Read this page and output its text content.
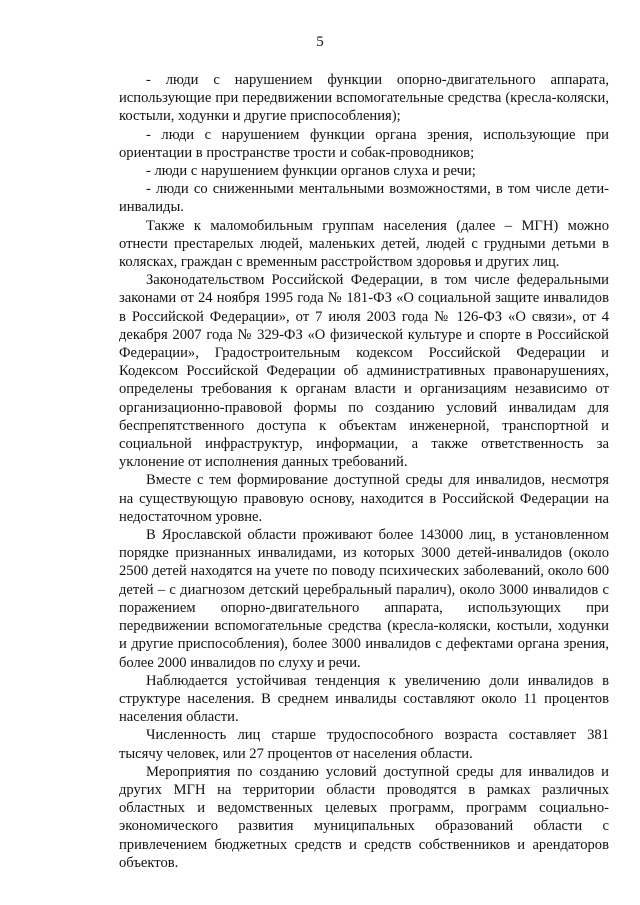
5

- люди с нарушением функции опорно-двигательного аппарата, использующие при передвижении вспомогательные средства (кресла-коляски, костыли, ходунки и другие приспособления);

- люди с нарушением функции органа зрения, использующие при ориентации в пространстве трости и собак-проводников;

- люди с нарушением функции органов слуха и речи;

- люди со сниженными ментальными возможностями, в том числе дети-инвалиды.

Также к маломобильным группам населения (далее – МГН) можно отнести престарелых людей, маленьких детей, людей с грудными детьми в колясках, граждан с временным расстройством здоровья и других лиц.

Законодательством Российской Федерации, в том числе федеральными законами от 24 ноября 1995 года № 181-ФЗ «О социальной защите инвалидов в Российской Федерации», от 7 июля 2003 года № 126-ФЗ «О связи», от 4 декабря 2007 года № 329-ФЗ «О физической культуре и спорте в Российской Федерации», Градостроительным кодексом Российской Федерации и Кодексом Российской Федерации об административных правонарушениях, определены требования к органам власти и организациям независимо от организационно-правовой формы по созданию условий инвалидам для беспрепятственного доступа к объектам инженерной, транспортной и социальной инфраструктур, информации, а также ответственность за уклонение от исполнения данных требований.

Вместе с тем формирование доступной среды для инвалидов, несмотря на существующую правовую основу, находится в Российской Федерации на недостаточном уровне.

В Ярославской области проживают более 143000 лиц, в установленном порядке признанных инвалидами, из которых 3000 детей-инвалидов (около 2500 детей находятся на учете по поводу психических заболеваний, около 600 детей – с диагнозом детский церебральный паралич), около 3000 инвалидов с поражением опорно-двигательного аппарата, использующих при передвижении вспомогательные средства (кресла-коляски, костыли, ходунки и другие приспособления), более 3000 инвалидов с дефектами органа зрения, более 2000 инвалидов по слуху и речи.

Наблюдается устойчивая тенденция к увеличению доли инвалидов в структуре населения. В среднем инвалиды составляют около 11 процентов населения области.

Численность лиц старше трудоспособного возраста составляет 381 тысячу человек, или 27 процентов от населения области.

Мероприятия по созданию условий доступной среды для инвалидов и других МГН на территории области проводятся в рамках различных областных и ведомственных целевых программ, программ социально-экономического развития муниципальных образований области с привлечением бюджетных средств и средств собственников и арендаторов объектов.
